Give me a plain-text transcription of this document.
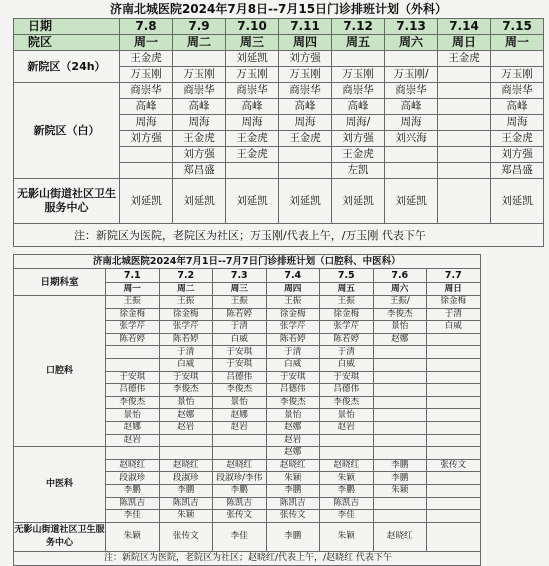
济南北城医院2024年7月8日--7月15日门诊排班计划（外科）								
日期	7.8	7.9	7.10	7.11	7.12	7.13	7.14	7.15
院区	周一	周二	周三	周四	周五	周六	周日	周一
新院区（24h）	王金虎		刘延凯	刘方强			王金虎	
	万玉刚	万玉刚	万玉刚	万玉刚	万玉刚	万玉刚/		万玉刚
新院区（白）	商崇华	商崇华	商崇华	商崇华	商崇华	商崇华		商崇华
	高峰	高峰	高峰	高峰	高峰	高峰		高峰
	周海	周海	周海	周海	周海/	周海		周海
	刘方强	王金虎	王金虎	王金虎	刘方强	刘兴海		王金虎
		刘方强	王金虎		王金虎			刘方强
		郑昌盛			左凯			郑昌盛
无影山街道社区卫生服务中心	刘延凯	刘延凯	刘延凯	刘延凯	刘延凯	刘延凯		刘延凯
注：新院区为医院，老院区为社区；万玉刚/代表上午，/万玉刚 代表下午								
济南北城医院2024年7月1日--7月7日门诊排班计划（口腔科、中医科）							
日期科室	7.1	7.2	7.3	7.4	7.5	7.6	7.7
	周一	周二	周三	周四	周五	周六	周日
口腔科	王振	王振	王振	王振	王振	王振/	徐金梅
	徐金梅	徐金梅	陈若婷	徐金梅	徐金梅	李俊杰	于清
	张学芹	张学芹	于清	张学芹	张学芹	景怡	白威
	陈若婷	陈若婷	白威	陈若婷	陈若婷	赵娜	
		于清	于安琪	于清	于清		
		白威	于安琪	白威	白威		
	于安琪	于安琪	吕德伟	于安琪	于安琪		
	吕德伟	李俊杰	李俊杰	吕德伟	吕德伟		
	李俊杰	景怡	景怡	李俊杰	李俊杰		
	景怡	赵娜	赵娜	景怡	景怡		
	赵娜	赵岩	赵岩	赵娜	赵岩		
	赵岩			赵岩			
中医科				赵娜			
	赵晓红	赵晓红	赵晓红	赵晓红	赵晓红	李鹏	张传文
	段淑珍	段淑珍	段淑珍/李伟	朱颖	朱颖	李鹏	
	李鹏	李鹏	李鹏	李鹏	李鹏	朱颖	
	陈凯吉	陈凯吉	陈凯吉	陈凯吉	陈凯吉		
	李佳	朱颖	张传文	张传文	李佳		
无影山街道社区卫生服务中心	朱颖	张传文	李佳	李鹏	朱颖	赵晓红	
注：新院区为医院，老院区为社区；赵晓红/代表上午，/赵晓红 代表下午							
